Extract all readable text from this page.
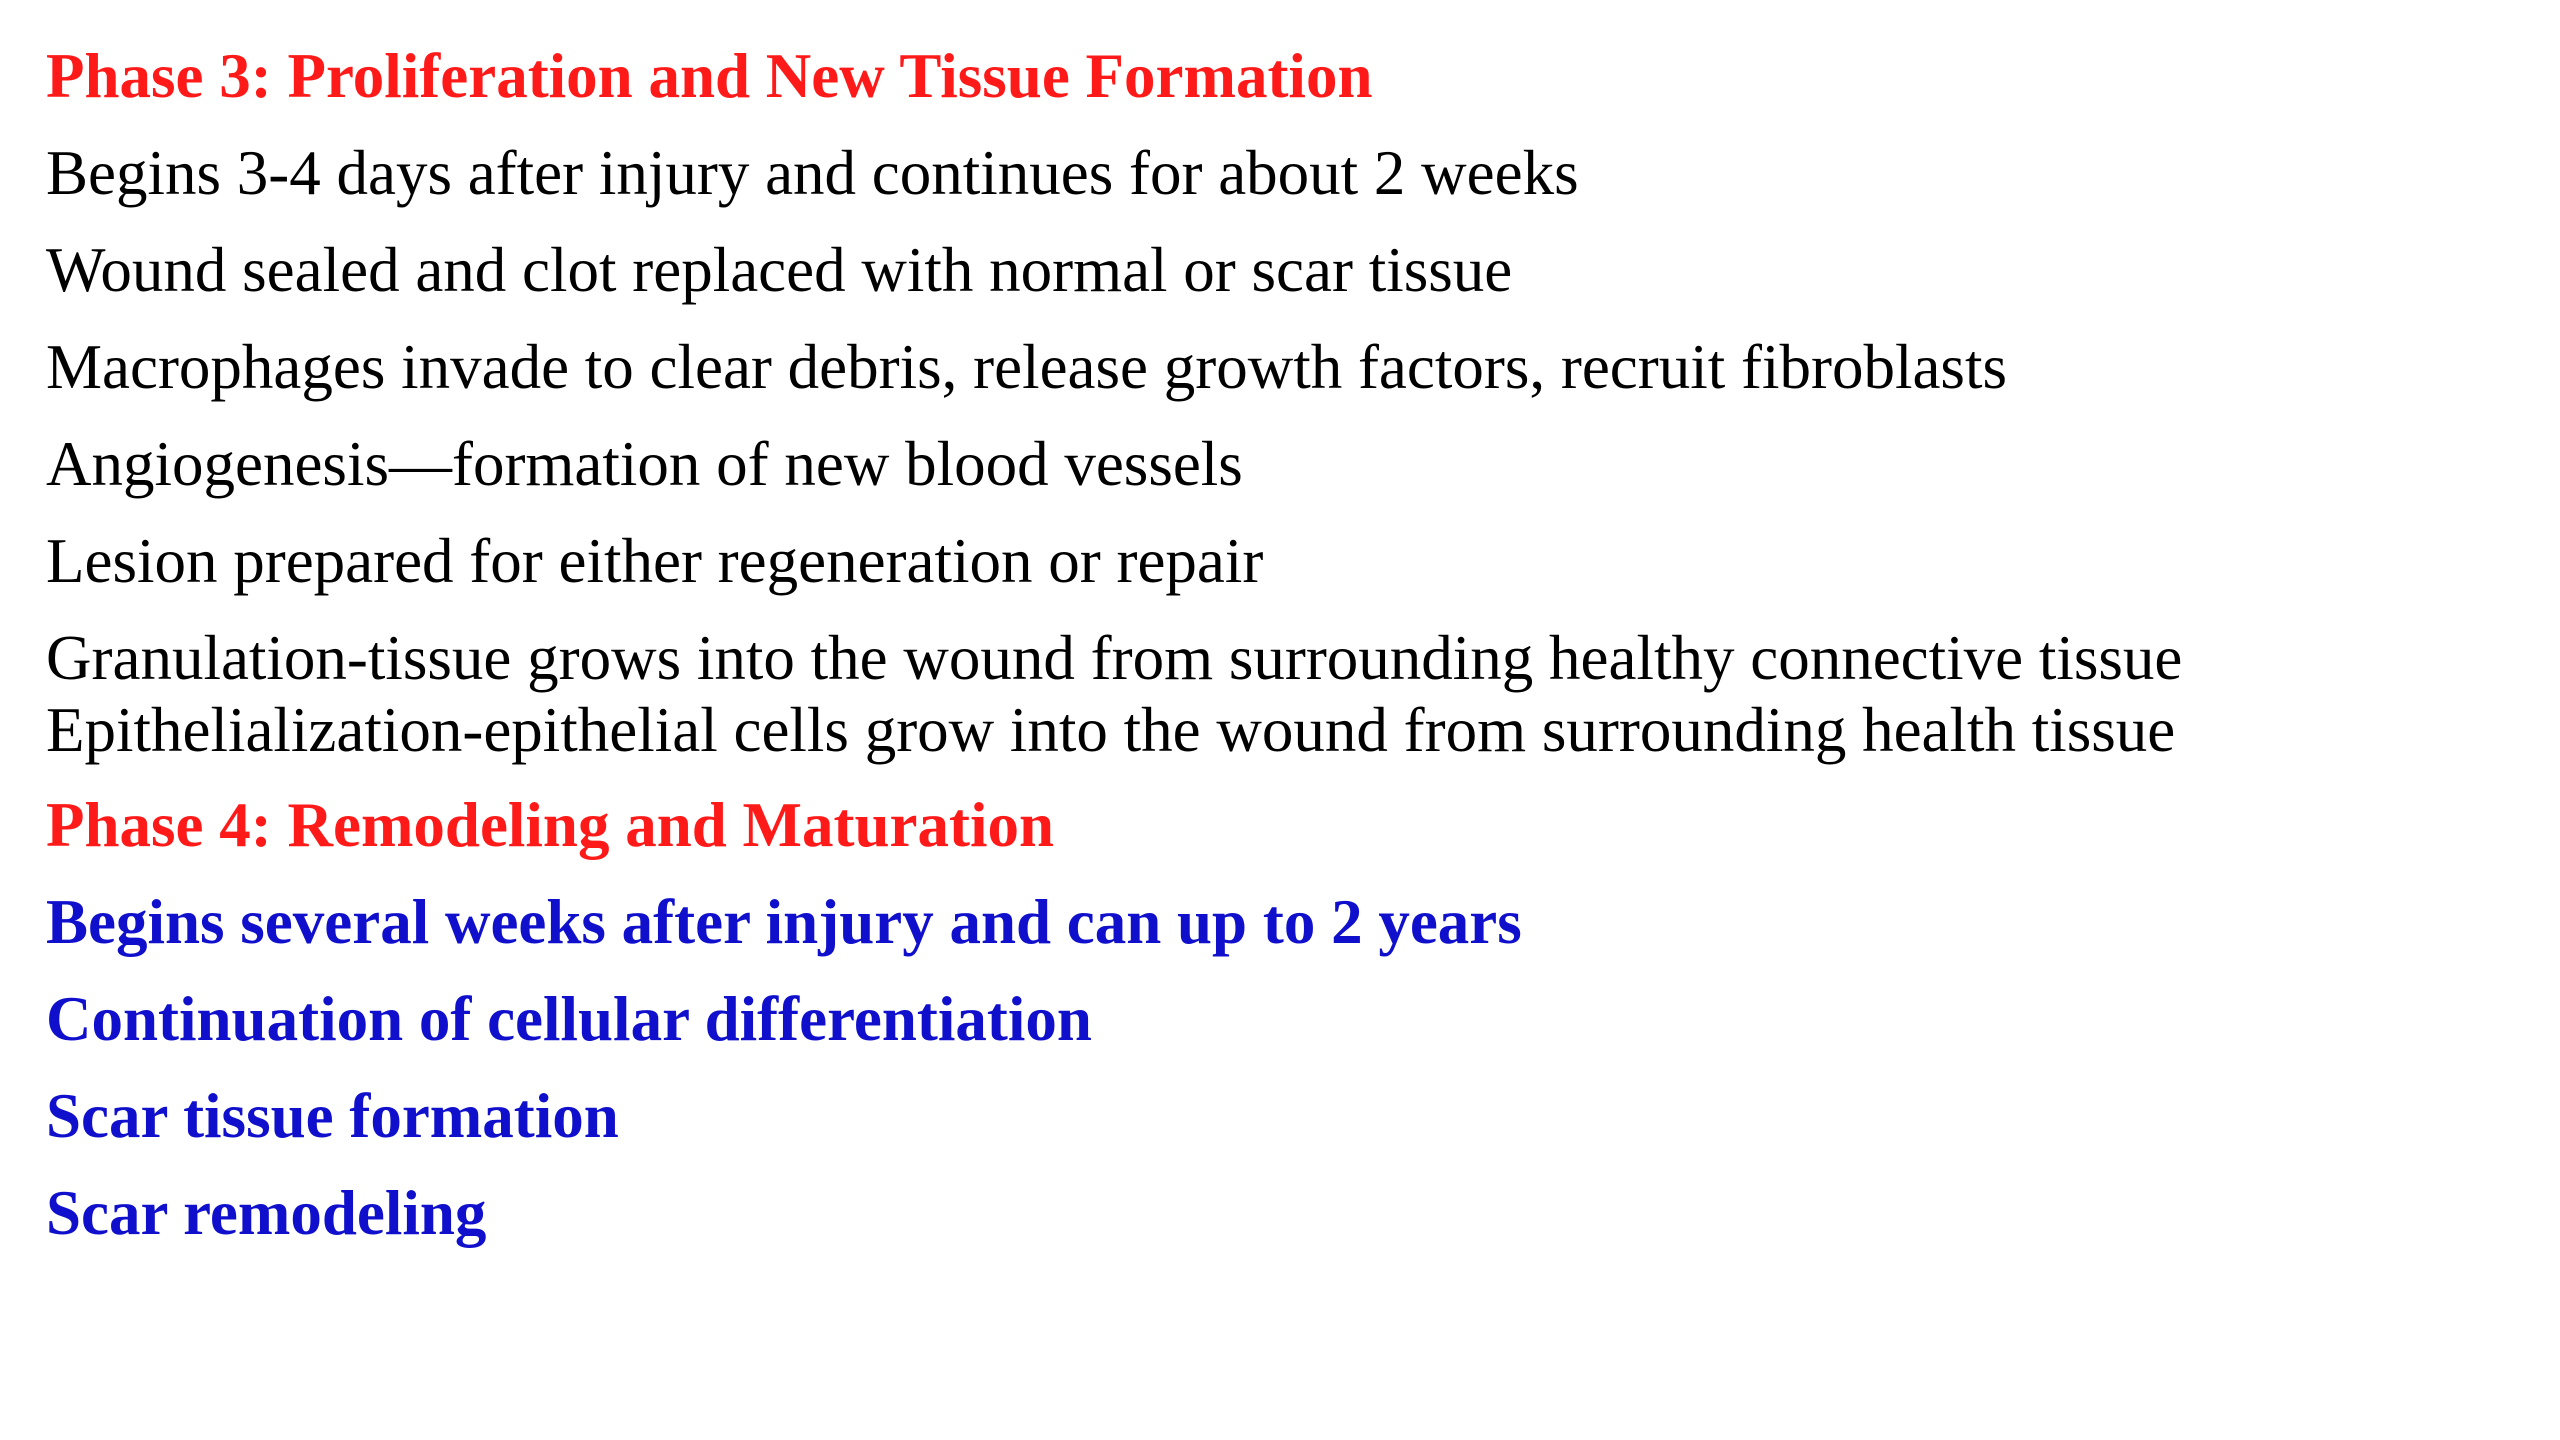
Phase 3: Proliferation and New Tissue Formation

Begins 3-4 days after injury and continues for about 2 weeks

Wound sealed and clot replaced with normal or scar tissue

Macrophages invade to clear debris, release growth factors, recruit fibroblasts

Angiogenesis—formation of new blood vessels

Lesion prepared for either regeneration or repair

Granulation-tissue grows into the wound from surrounding healthy connective tissue

Epithelialization-epithelial cells grow into the wound from surrounding health tissue

Phase 4: Remodeling and Maturation

Begins several weeks after injury and can up to 2 years

Continuation of cellular differentiation

Scar tissue formation

Scar remodeling
